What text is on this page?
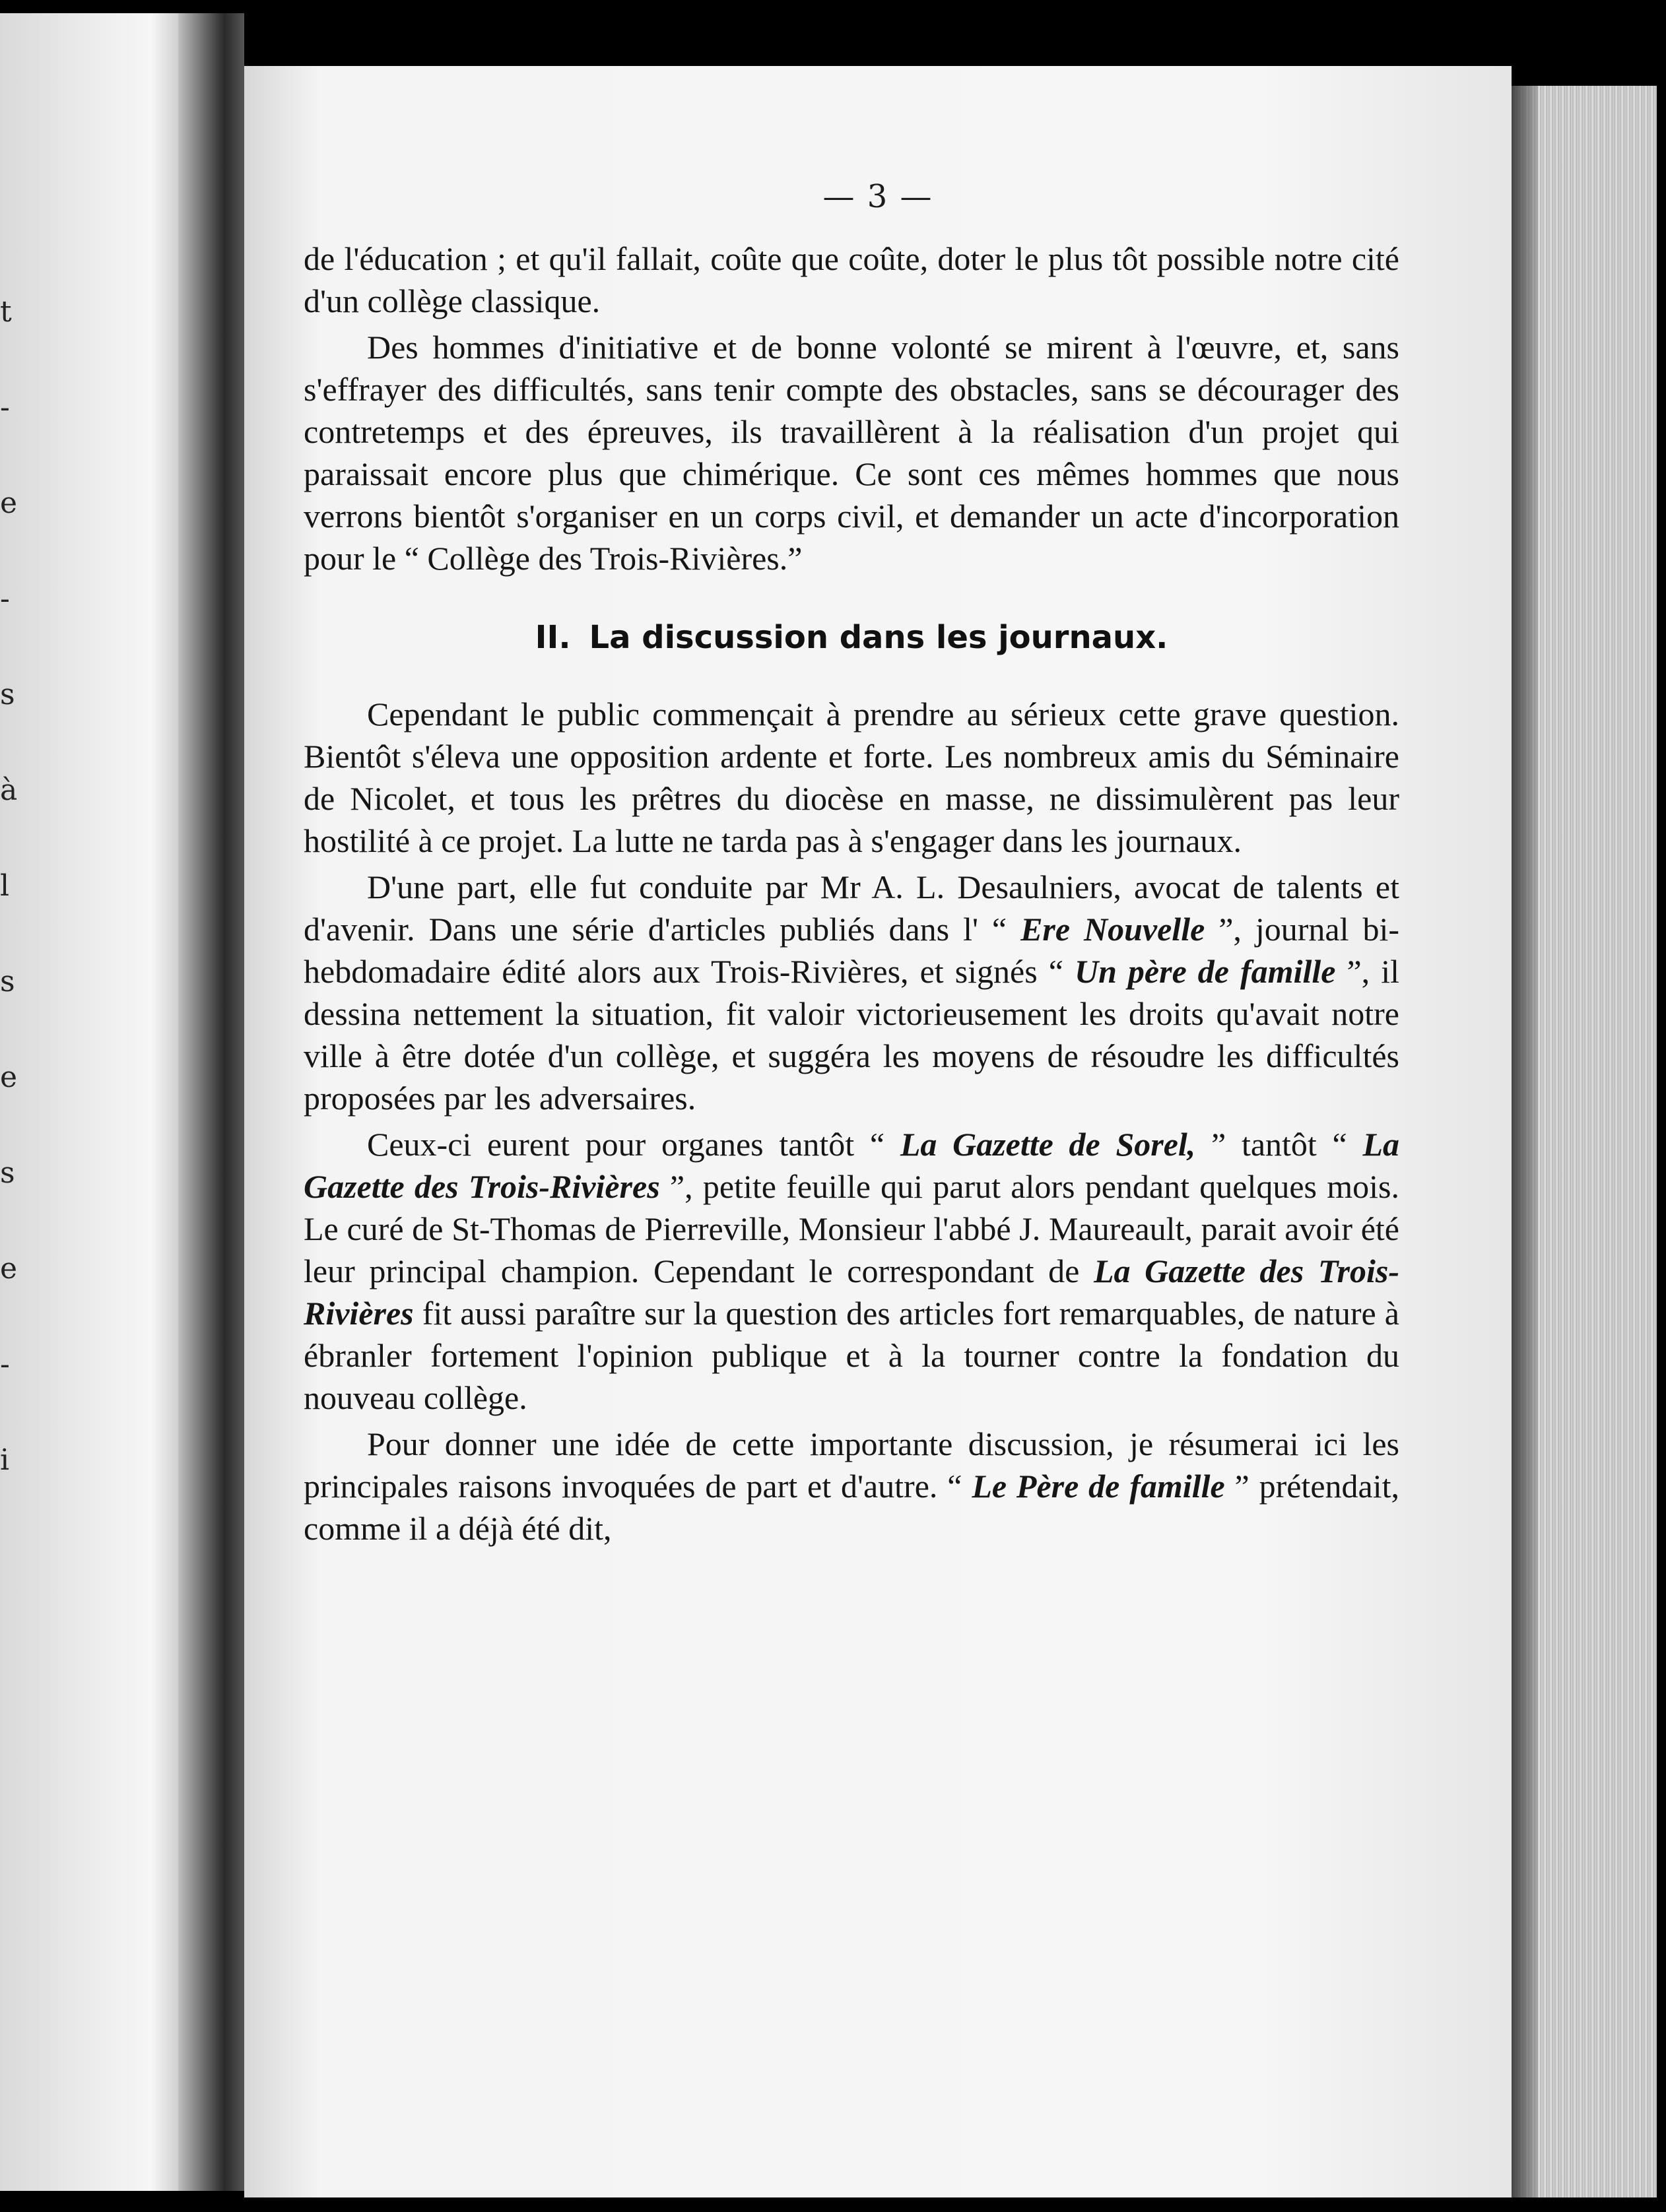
t
-
e
-
s
à
l
s
e
s
e
-
i
— 3 —

de l'éducation ; et qu'il fallait, coûte que coûte, doter le plus tôt possible notre cité d'un collège classique.

Des hommes d'initiative et de bonne volonté se mirent à l'œuvre, et, sans s'effrayer des difficultés, sans tenir compte des obstacles, sans se décourager des contretemps et des épreuves, ils travaillèrent à la réalisation d'un projet qui paraissait encore plus que chimérique. Ce sont ces mêmes hommes que nous verrons bientôt s'organiser en un corps civil, et demander un acte d'incorporation pour le “ Collège des Trois-Rivières.”

II. La discussion dans les journaux.

Cependant le public commençait à prendre au sérieux cette grave question. Bientôt s'éleva une opposition ardente et forte. Les nombreux amis du Séminaire de Nicolet, et tous les prêtres du diocèse en masse, ne dissimulèrent pas leur hostilité à ce projet. La lutte ne tarda pas à s'engager dans les journaux.

D'une part, elle fut conduite par Mr A. L. Desaulniers, avocat de talents et d'avenir. Dans une série d'articles publiés dans l' “ Ere Nouvelle ”, journal bi-hebdomadaire édité alors aux Trois-Rivières, et signés “ Un père de famille ”, il dessina nettement la situation, fit valoir victorieusement les droits qu'avait notre ville à être dotée d'un collège, et suggéra les moyens de résoudre les difficultés proposées par les adversaires.

Ceux-ci eurent pour organes tantôt “ La Gazette de Sorel, ” tantôt “ La Gazette des Trois-Rivières ”, petite feuille qui parut alors pendant quelques mois. Le curé de St-Thomas de Pierreville, Monsieur l'abbé J. Maureault, parait avoir été leur principal champion. Cependant le correspondant de La Gazette des Trois-Rivières fit aussi paraître sur la question des articles fort remarquables, de nature à ébranler fortement l'opinion publique et à la tourner contre la fondation du nouveau collège.

Pour donner une idée de cette importante discussion, je résumerai ici les principales raisons invoquées de part et d'autre. “ Le Père de famille ” prétendait, comme il a déjà été dit,
